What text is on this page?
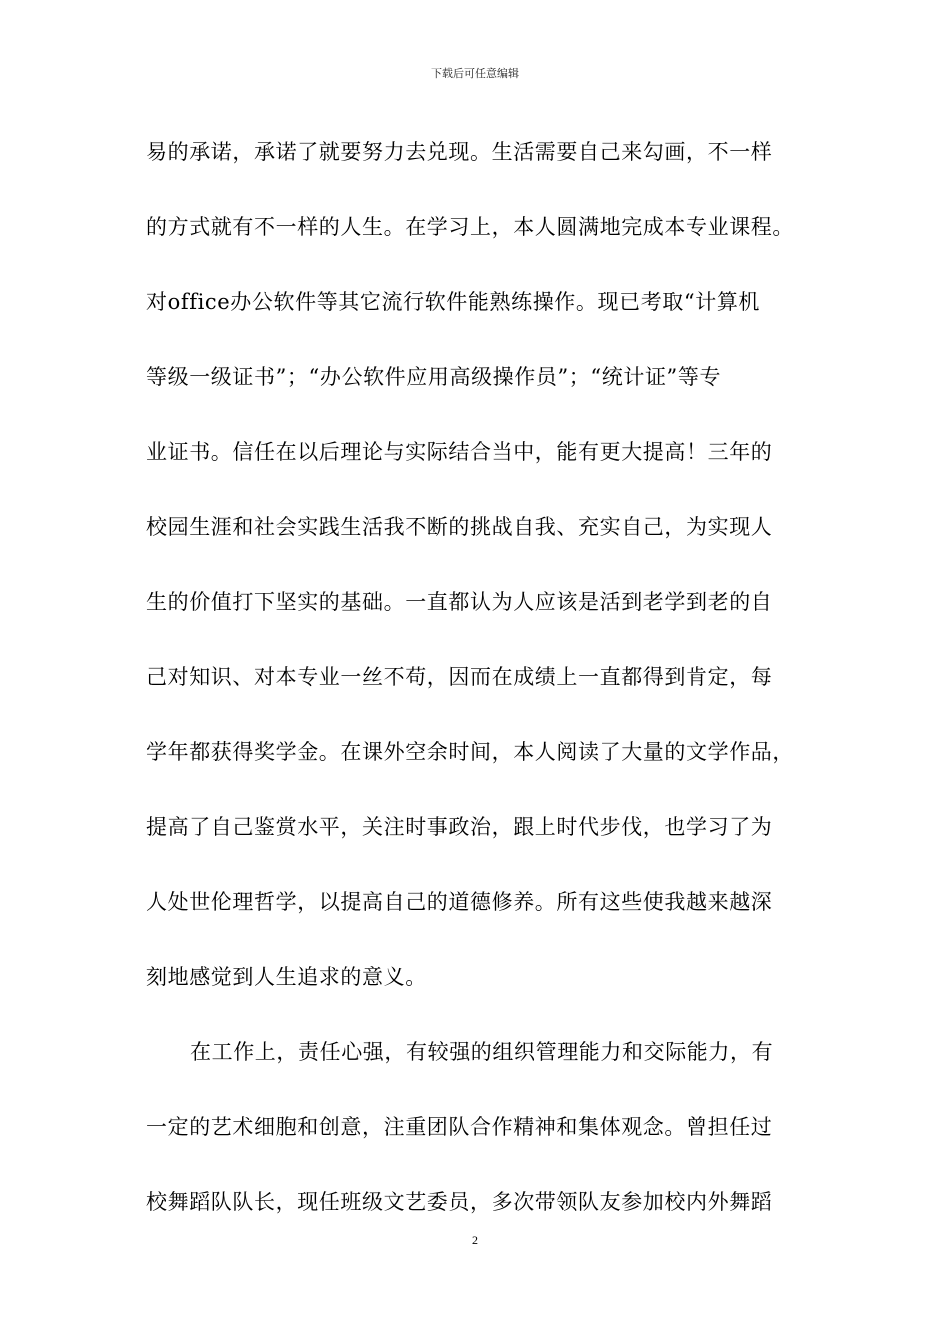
下载后可任意编辑
易的承诺，承诺了就要努力去兑现。生活需要自己来勾画，不一样
的方式就有不一样的人生。在学习上，本人圆满地完成本专业课程。
对office办公软件等其它流行软件能熟练操作。现已考取“计算机
等级一级证书”；“办公软件应用高级操作员”；“统计证”等专
业证书。信任在以后理论与实际结合当中，能有更大提高！三年的
校园生涯和社会实践生活我不断的挑战自我、充实自己，为实现人
生的价值打下坚实的基础。一直都认为人应该是活到老学到老的自
己对知识、对本专业一丝不苟，因而在成绩上一直都得到肯定，每
学年都获得奖学金。在课外空余时间，本人阅读了大量的文学作品，
提高了自己鉴赏水平，关注时事政治，跟上时代步伐，也学习了为
人处世伦理哲学，以提高自己的道德修养。所有这些使我越来越深
刻地感觉到人生追求的意义。
在工作上，责任心强，有较强的组织管理能力和交际能力，有
一定的艺术细胞和创意，注重团队合作精神和集体观念。曾担任过
校舞蹈队队长，现任班级文艺委员，多次带领队友参加校内外舞蹈
2
